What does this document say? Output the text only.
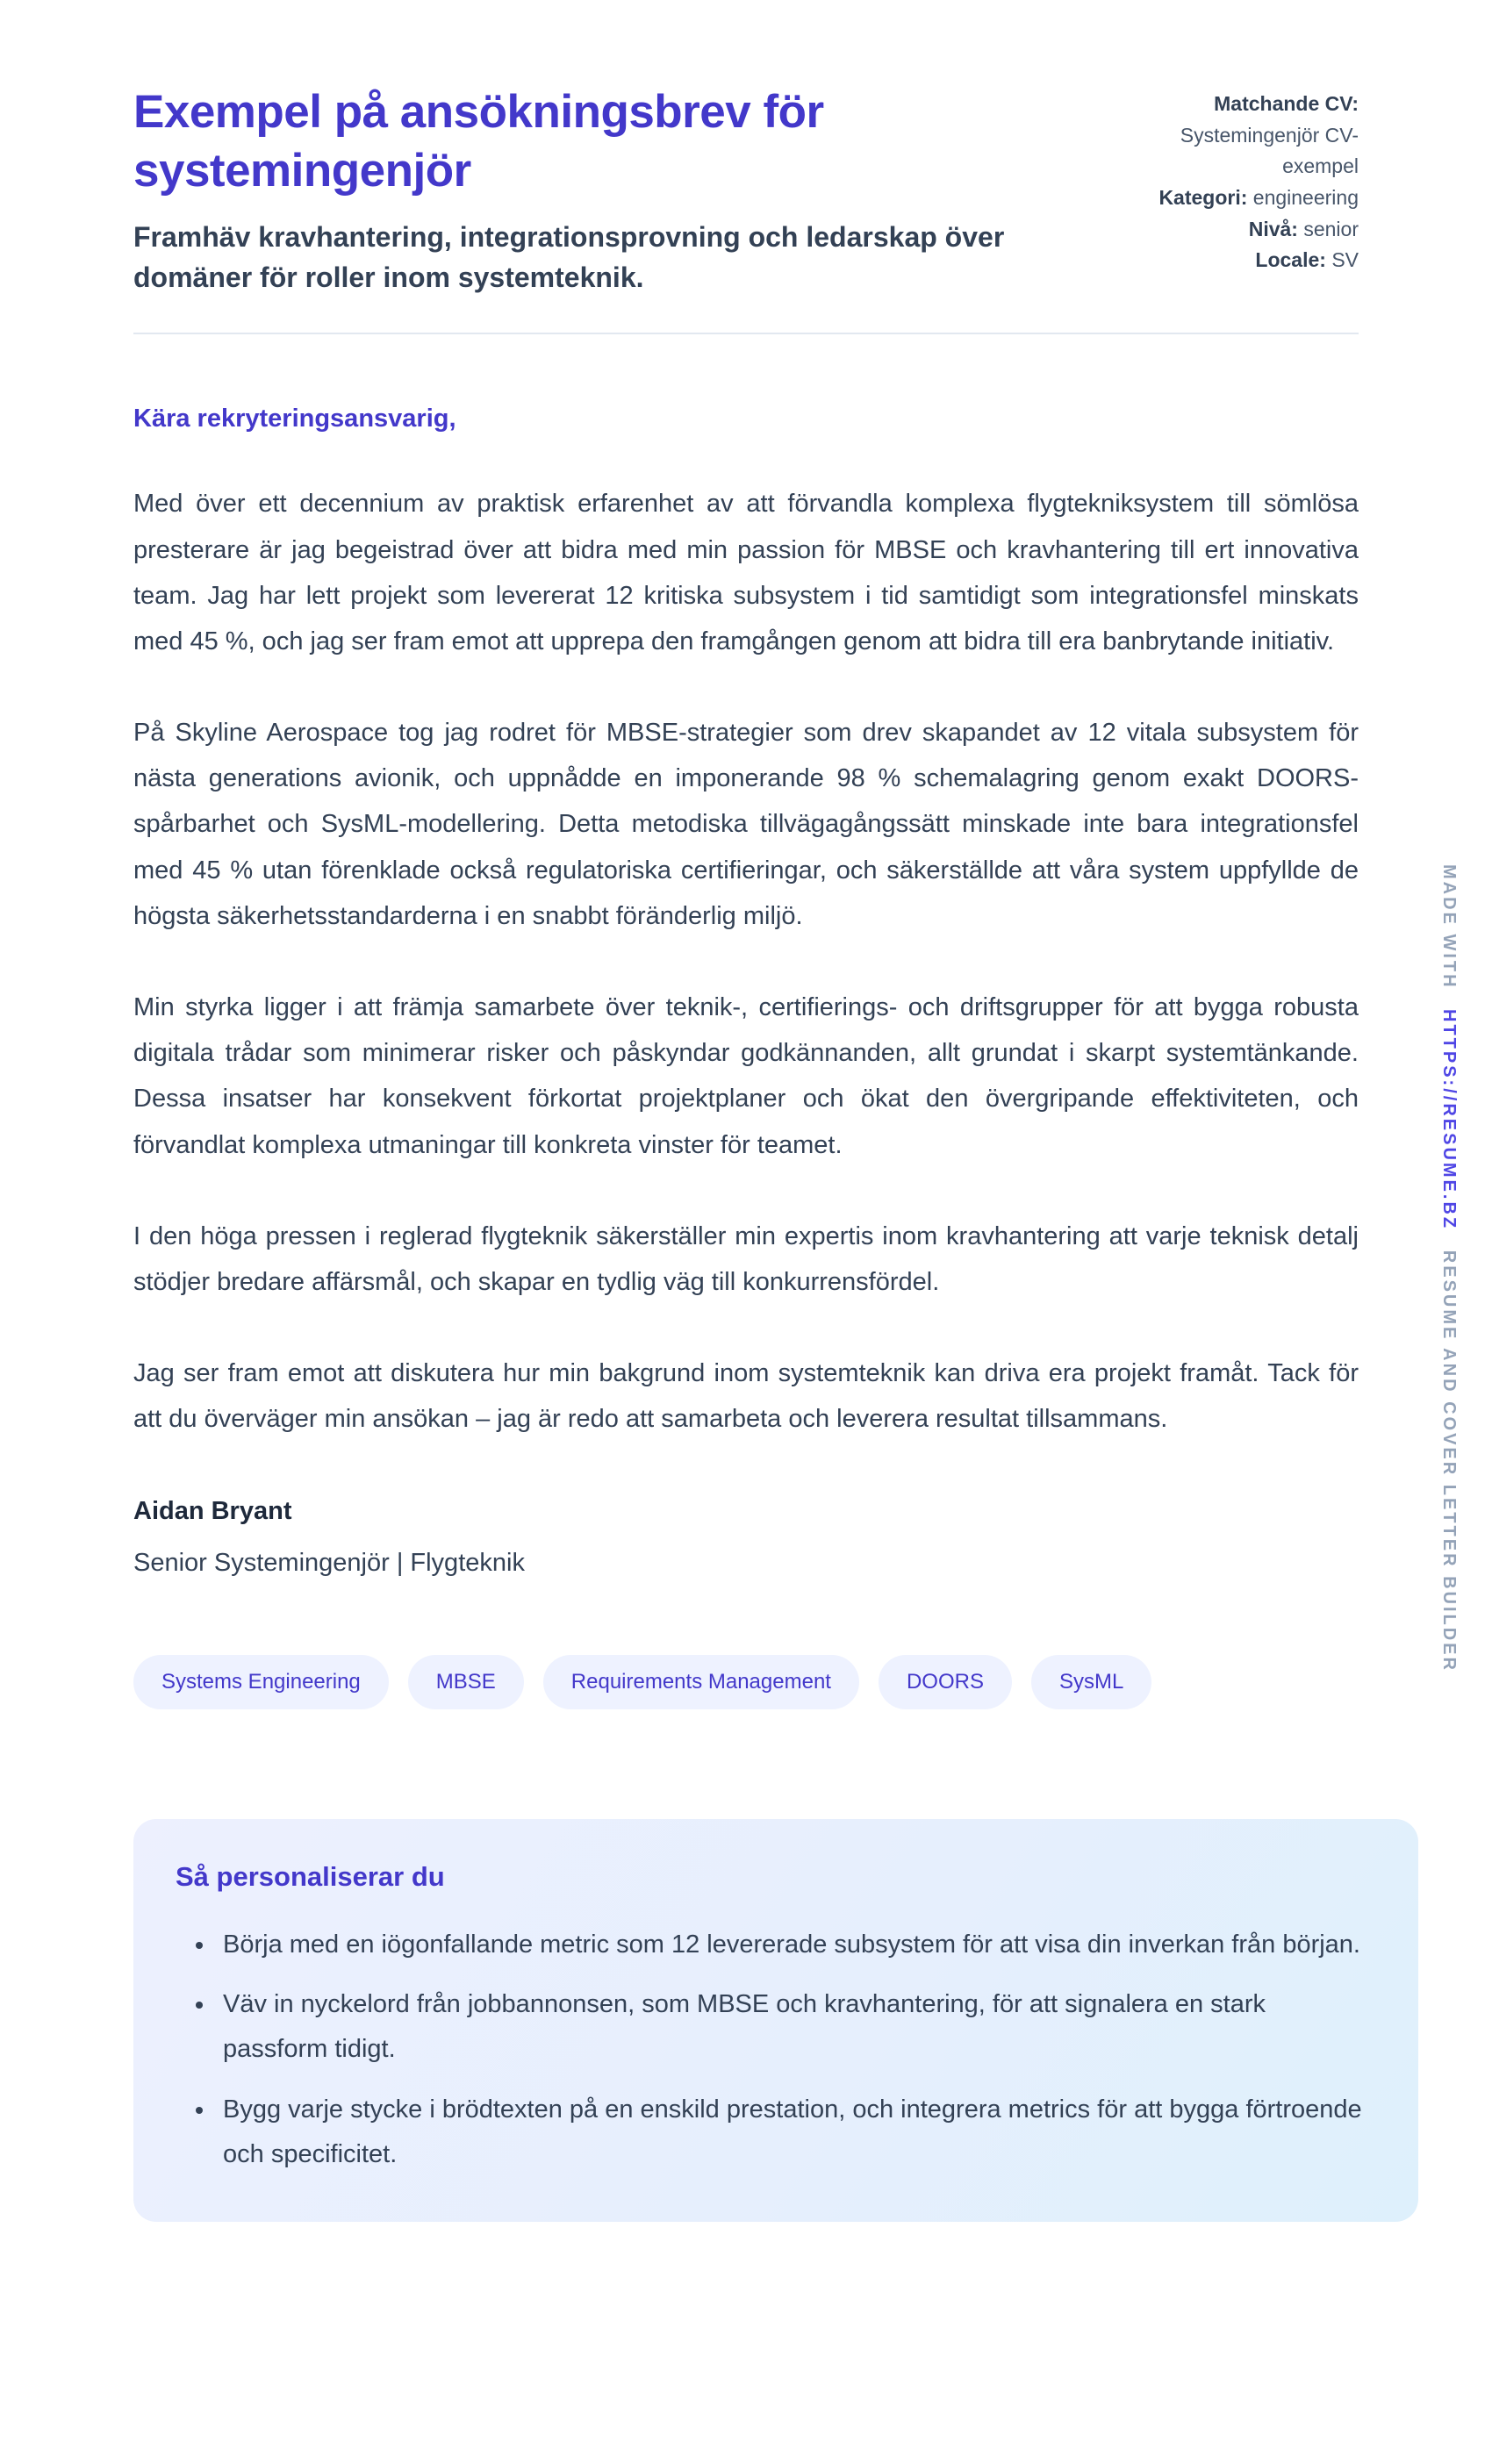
Exempel på ansökningsbrev för systemingenjör
Framhäv kravhantering, integrationsprovning och ledarskap över domäner för roller inom systemteknik.
Matchande CV: Systemingenjör CV-exempel
Kategori: engineering
Nivå: senior
Locale: SV
Kära rekryteringsansvarig,

Med över ett decennium av praktisk erfarenhet av att förvandla komplexa flygtekniksystem till sömlösa presterare är jag begeistrad över att bidra med min passion för MBSE och kravhantering till ert innovativa team. Jag har lett projekt som levererat 12 kritiska subsystem i tid samtidigt som integrationsfel minskats med 45 %, och jag ser fram emot att upprepa den framgången genom att bidra till era banbrytande initiativ.

På Skyline Aerospace tog jag rodret för MBSE-strategier som drev skapandet av 12 vitala subsystem för nästa generations avionik, och uppnådde en imponerande 98 % schemalagring genom exakt DOORS-spårbarhet och SysML-modellering. Detta metodiska tillvägagångssätt minskade inte bara integrationsfel med 45 % utan förenklade också regulatoriska certifieringar, och säkerställde att våra system uppfyllde de högsta säkerhetsstandarderna i en snabbt föränderlig miljö.

Min styrka ligger i att främja samarbete över teknik-, certifierings- och driftsgrupper för att bygga robusta digitala trådar som minimerar risker och påskyndar godkännanden, allt grundat i skarpt systemtänkande. Dessa insatser har konsekvent förkortat projektplaner och ökat den övergripande effektiviteten, och förvandlat komplexa utmaningar till konkreta vinster för teamet.

I den höga pressen i reglerad flygteknik säkerställer min expertis inom kravhantering att varje teknisk detalj stödjer bredare affärsmål, och skapar en tydlig väg till konkurrensfördel.

Jag ser fram emot att diskutera hur min bakgrund inom systemteknik kan driva era projekt framåt. Tack för att du överväger min ansökan – jag är redo att samarbeta och leverera resultat tillsammans.

Aidan Bryant
Senior Systemingenjör | Flygteknik
Systems Engineering	MBSE	Requirements Management	DOORS	SysML
Så personaliserar du
• Börja med en iögonfallande metric som 12 levererade subsystem för att visa din inverkan från början.
• Väv in nyckelord från jobbannonsen, som MBSE och kravhantering, för att signalera en stark passform tidigt.
• Bygg varje stycke i brödtexten på en enskild prestation, och integrera metrics för att bygga förtroende och specificitet.
MADE WITH HTTPS://RESUME.BZ RESUME AND COVER LETTER BUILDER
